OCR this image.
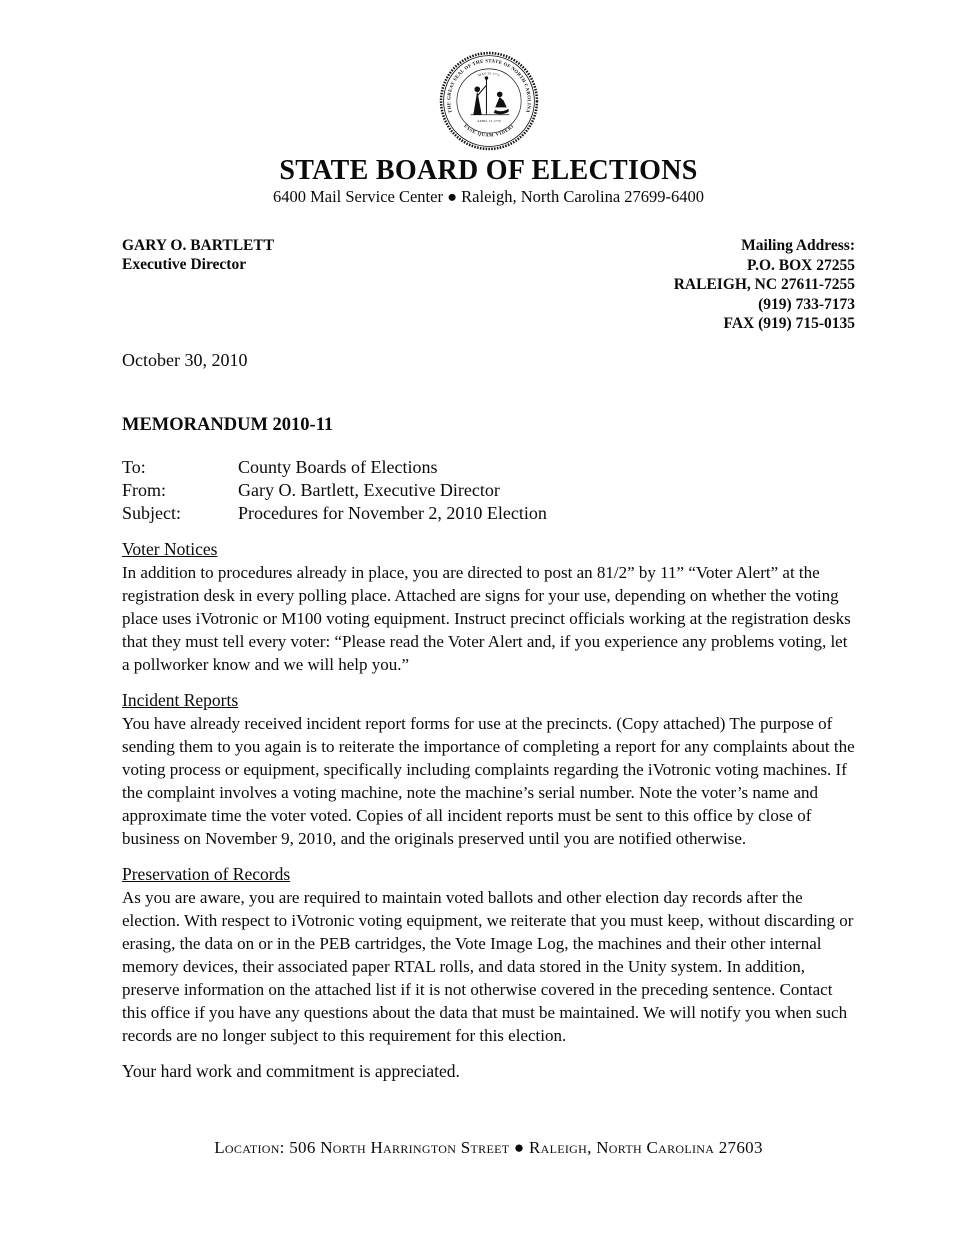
THE GREAT SEAL OF THE STATE OF NORTH CAROLINA
ESSE QUAM VIDERI
MAY 20 1775
APRIL 12 1776
STATE BOARD OF ELECTIONS
6400 Mail Service Center ● Raleigh, North Carolina 27699-6400
GARY O. BARTLETT
Executive Director
Mailing Address:
P.O. BOX 27255
RALEIGH, NC 27611-7255
(919) 733-7173
FAX (919) 715-0135
October 30, 2010
MEMORANDUM 2010-11
To:	County Boards of Elections
From:	Gary O. Bartlett, Executive Director
Subject:	Procedures for November 2, 2010 Election
Voter Notices
In addition to procedures already in place, you are directed to post an 81/2” by 11” “Voter Alert” at the registration desk in every polling place. Attached are signs for your use, depending on whether the voting place uses iVotronic or M100 voting equipment. Instruct precinct officials working at the registration desks that they must tell every voter: “Please read the Voter Alert and, if you experience any problems voting, let a pollworker know and we will help you.”
Incident Reports
You have already received incident report forms for use at the precincts. (Copy attached) The purpose of sending them to you again is to reiterate the importance of completing a report for any complaints about the voting process or equipment, specifically including complaints regarding the iVotronic voting machines. If the complaint involves a voting machine, note the machine’s serial number. Note the voter’s name and approximate time the voter voted. Copies of all incident reports must be sent to this office by close of business on November 9, 2010, and the originals preserved until you are notified otherwise.
Preservation of Records
As you are aware, you are required to maintain voted ballots and other election day records after the election. With respect to iVotronic voting equipment, we reiterate that you must keep, without discarding or erasing, the data on or in the PEB cartridges, the Vote Image Log, the machines and their other internal memory devices, their associated paper RTAL rolls, and data stored in the Unity system. In addition, preserve information on the attached list if it is not otherwise covered in the preceding sentence. Contact this office if you have any questions about the data that must be maintained. We will notify you when such records are no longer subject to this requirement for this election.
Your hard work and commitment is appreciated.
Location: 506 North Harrington Street ● Raleigh, North Carolina 27603
